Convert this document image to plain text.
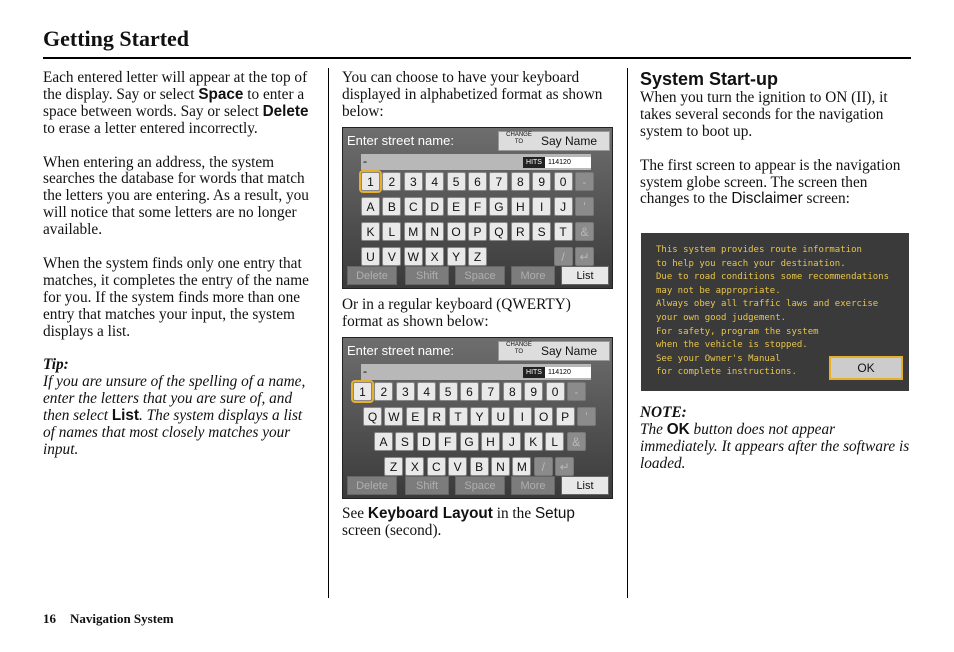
Getting Started

Each entered letter will appear at the top of the display. Say or select Space to enter a space between words. Say or select Delete to erase a letter entered incorrectly.

When entering an address, the system searches the database for words that match the letters you are entering. As a result, you will notice that some letters are no longer available.

When the system finds only one entry that matches, it completes the entry of the name for you. If the system finds more than one entry that matches your input, the system displays a list.

Tip:
If you are unsure of the spelling of a name, enter the letters that you are sure of, and then select List. The system displays a list of names that most closely matches your input.
You can choose to have your keyboard displayed in alphabetized format as shown below:
Enter street name:	CHANGE TO	Say Name
-	HITS 114120
1	2	3	4	5	6	7	8	9	0	-
A	B	C	D	E	F	G	H	I	J	'
K	L	M	N	O	P	Q	R	S	T	&
U	V W X	Y	Z	/	↵
Delete	Shift	Space	More	List
Or in a regular keyboard (QWERTY) format as shown below:
Enter street name:	CHANGE TO	Say Name
-	HITS 114120
1	2	3	4	5	6	7	8	9	0	-
Q W E	R	T	Y	U	I	O	P	'
A	S	D	F	G	H	J	K	L	&
Z	X	C	V	B	N	M	/	↵
Delete	Shift	Space	More	List
See Keyboard Layout in the Setup screen (second).
System Start-up

When you turn the ignition to ON (II), it takes several seconds for the navigation system to boot up.

The first screen to appear is the navigation system globe screen. The screen then changes to the Disclaimer screen:

This system provides route information
to help you reach your destination.
Due to road conditions some recommendations
may not be appropriate.
Always obey all traffic laws and exercise
your own good judgement.
For safety, program the system
when the vehicle is stopped.
See your Owner's Manual
for complete instructions.	OK
NOTE:
The OK button does not appear immediately. It appears after the software is loaded.
16 Navigation System
